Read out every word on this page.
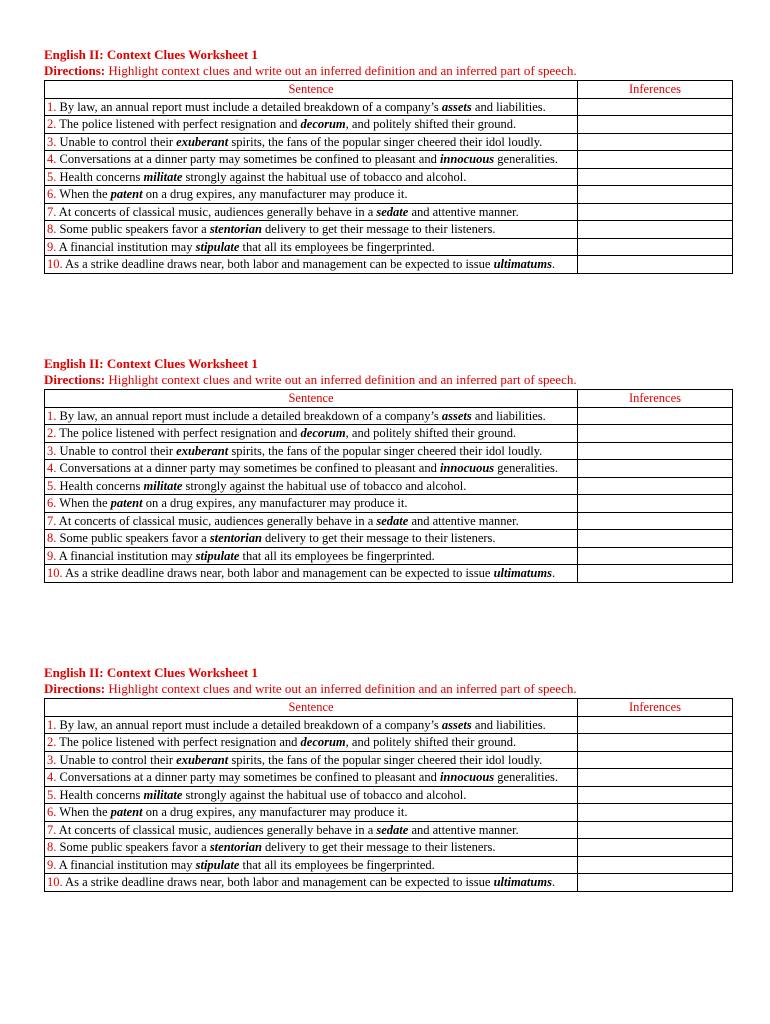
English II: Context Clues Worksheet 1
Directions: Highlight context clues and write out an inferred definition and an inferred part of speech.
Sentence	Inferences
1. By law, an annual report must include a detailed breakdown of a company’s assets and liabilities.	
2. The police listened with perfect resignation and decorum, and politely shifted their ground.	
3. Unable to control their exuberant spirits, the fans of the popular singer cheered their idol loudly.	
4. Conversations at a dinner party may sometimes be confined to pleasant and innocuous generalities.	
5. Health concerns militate strongly against the habitual use of tobacco and alcohol.	
6. When the patent on a drug expires, any manufacturer may produce it.	
7. At concerts of classical music, audiences generally behave in a sedate and attentive manner.	
8. Some public speakers favor a stentorian delivery to get their message to their listeners.	
9. A financial institution may stipulate that all its employees be fingerprinted.	
10. As a strike deadline draws near, both labor and management can be expected to issue ultimatums.	
English II: Context Clues Worksheet 1
Directions: Highlight context clues and write out an inferred definition and an inferred part of speech.
Sentence	Inferences
1. By law, an annual report must include a detailed breakdown of a company’s assets and liabilities.	
2. The police listened with perfect resignation and decorum, and politely shifted their ground.	
3. Unable to control their exuberant spirits, the fans of the popular singer cheered their idol loudly.	
4. Conversations at a dinner party may sometimes be confined to pleasant and innocuous generalities.	
5. Health concerns militate strongly against the habitual use of tobacco and alcohol.	
6. When the patent on a drug expires, any manufacturer may produce it.	
7. At concerts of classical music, audiences generally behave in a sedate and attentive manner.	
8. Some public speakers favor a stentorian delivery to get their message to their listeners.	
9. A financial institution may stipulate that all its employees be fingerprinted.	
10. As a strike deadline draws near, both labor and management can be expected to issue ultimatums.	
English II: Context Clues Worksheet 1
Directions: Highlight context clues and write out an inferred definition and an inferred part of speech.
Sentence	Inferences
1. By law, an annual report must include a detailed breakdown of a company’s assets and liabilities.	
2. The police listened with perfect resignation and decorum, and politely shifted their ground.	
3. Unable to control their exuberant spirits, the fans of the popular singer cheered their idol loudly.	
4. Conversations at a dinner party may sometimes be confined to pleasant and innocuous generalities.	
5. Health concerns militate strongly against the habitual use of tobacco and alcohol.	
6. When the patent on a drug expires, any manufacturer may produce it.	
7. At concerts of classical music, audiences generally behave in a sedate and attentive manner.	
8. Some public speakers favor a stentorian delivery to get their message to their listeners.	
9. A financial institution may stipulate that all its employees be fingerprinted.	
10. As a strike deadline draws near, both labor and management can be expected to issue ultimatums.	
